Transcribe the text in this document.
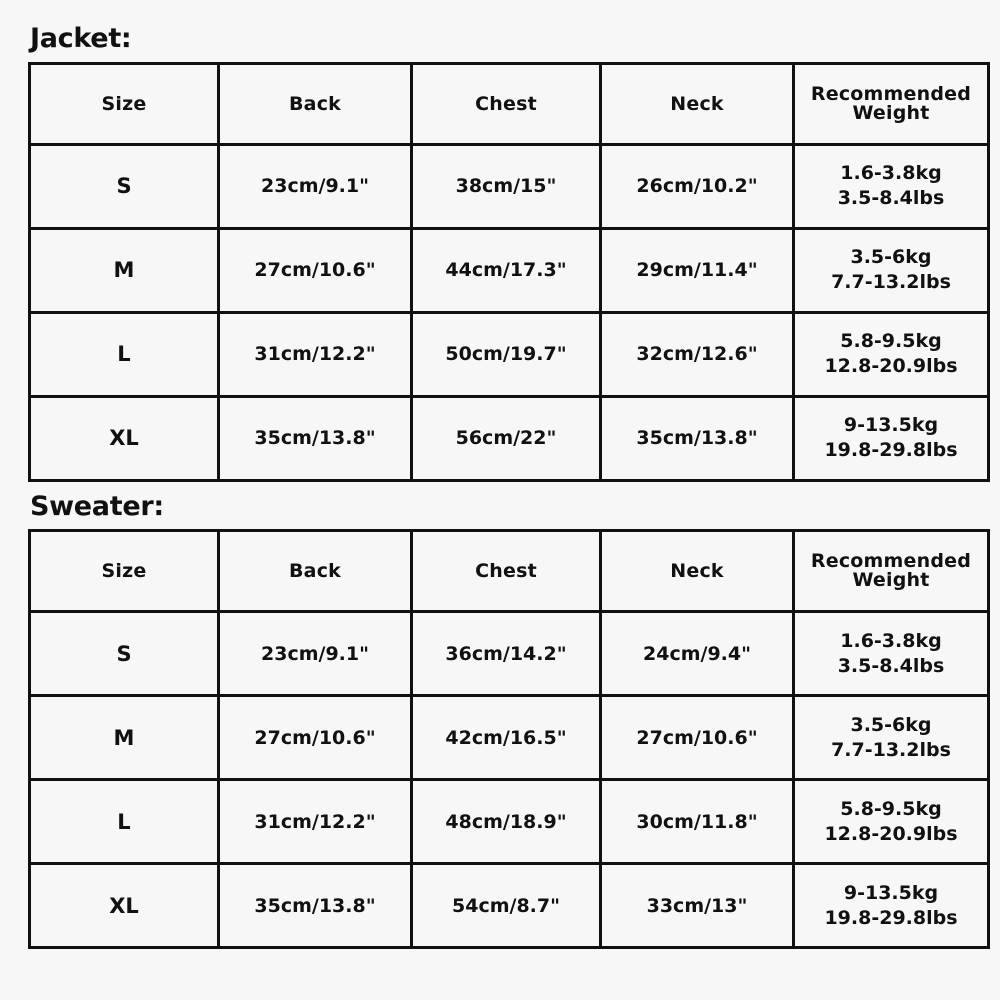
Jacket:
Size	Back	Chest	Neck	Recommended Weight
S	23cm/9.1"	38cm/15"	26cm/10.2"	1.6-3.8kg
3.5-8.4lbs

M	27cm/10.6"	44cm/17.3"	29cm/11.4"	3.5-6kg
7.7-13.2lbs

L	31cm/12.2"	50cm/19.7"	32cm/12.6"	5.8-9.5kg
12.8-20.9lbs

XL	35cm/13.8"	56cm/22"	35cm/13.8"	9-13.5kg
19.8-29.8lbs
Sweater:
Size	Back	Chest	Neck	Recommended Weight
S	23cm/9.1"	36cm/14.2"	24cm/9.4"	1.6-3.8kg
3.5-8.4lbs

M	27cm/10.6"	42cm/16.5"	27cm/10.6"	3.5-6kg
7.7-13.2lbs

L	31cm/12.2"	48cm/18.9"	30cm/11.8"	5.8-9.5kg
12.8-20.9lbs

XL	35cm/13.8"	54cm/8.7"	33cm/13"	9-13.5kg
19.8-29.8lbs
